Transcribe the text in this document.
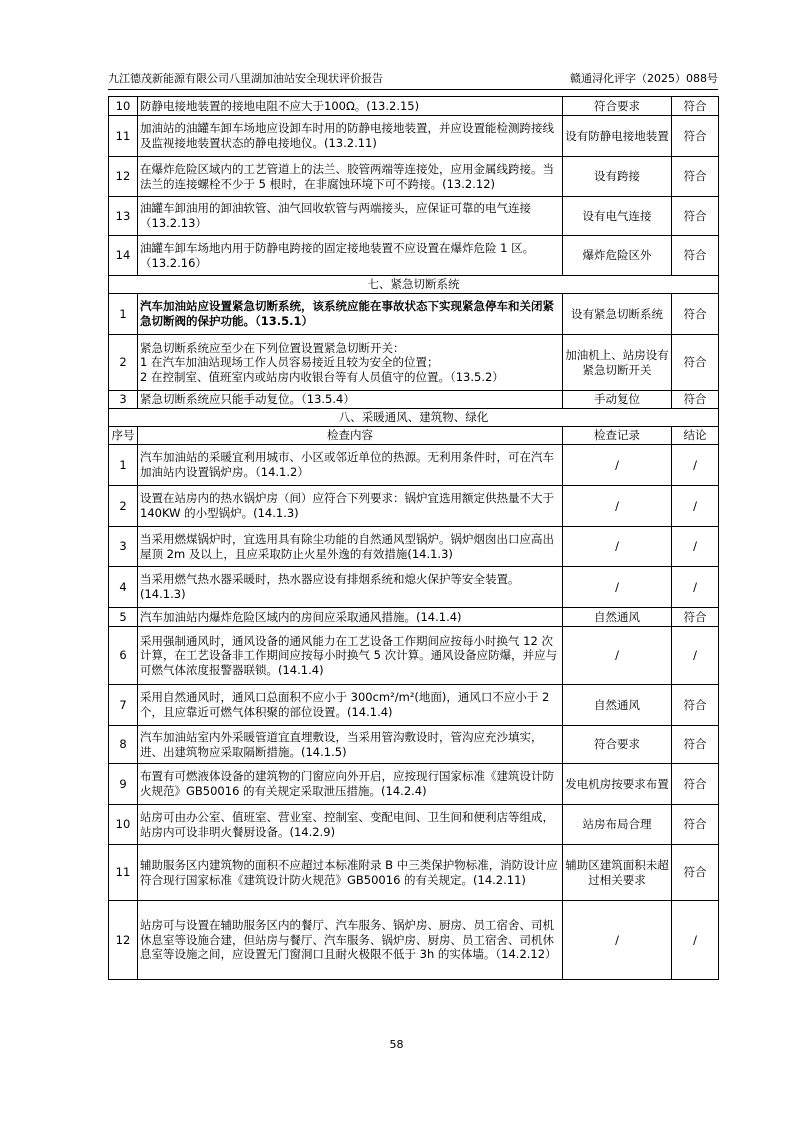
九江德茂新能源有限公司八里湖加油站安全现状评价报告	赣通浔化评字（2025）088号
10	防静电接地装置的接地电阻不应大于100Ω。(13.2.15)	符合要求	符合
11	加油站的油罐车卸车场地应设卸车时用的防静电接地装置，并应设置能检测跨接线及监视接地装置状态的静电接地仪。(13.2.11)	设有防静电接地装置	符合
12	在爆炸危险区域内的工艺管道上的法兰、胶管两端等连接处，应用金属线跨接。当法兰的连接螺栓不少于 5 根时，在非腐蚀环境下可不跨接。(13.2.12)	设有跨接	符合
13	油罐车卸油用的卸油软管、油气回收软管与两端接头，应保证可靠的电气连接（13.2.13）	设有电气连接	符合
14	油罐车卸车场地内用于防静电跨接的固定接地装置不应设置在爆炸危险 1 区。（13.2.16）	爆炸危险区外	符合
七、紧急切断系统			
1	汽车加油站应设置紧急切断系统，该系统应能在事故状态下实现紧急停车和关闭紧急切断阀的保护功能。（13.5.1）	设有紧急切断系统	符合
2	紧急切断系统应至少在下列位置设置紧急切断开关：
1 在汽车加油站现场工作人员容易接近且较为安全的位置；
2 在控制室、值班室内或站房内收银台等有人员值守的位置。（13.5.2）	加油机上、站房设有紧急切断开关	符合
3	紧急切断系统应只能手动复位。（13.5.4）	手动复位	符合
八、采暖通风、建筑物、绿化			
序号	检查内容	检查记录	结论
1	汽车加油站的采暖宜利用城市、小区或邻近单位的热源。无利用条件时，可在汽车加油站内设置锅炉房。（14.1.2）	/	/
2	设置在站房内的热水锅炉房（间）应符合下列要求：锅炉宜选用额定供热量不大于 140KW 的小型锅炉。(14.1.3)	/	/
3	当采用燃煤锅炉时，宜选用具有除尘功能的自然通风型锅炉。锅炉烟囱出口应高出屋顶 2m 及以上，且应采取防止火星外逸的有效措施(14.1.3)	/	/
4	当采用燃气热水器采暖时，热水器应设有排烟系统和熄火保护等安全装置。(14.1.3)	/	/
5	汽车加油站内爆炸危险区域内的房间应采取通风措施。(14.1.4)	自然通风	符合
6	采用强制通风时，通风设备的通风能力在工艺设备工作期间应按每小时换气 12 次计算，在工艺设备非工作期间应按每小时换气 5 次计算。通风设备应防爆，并应与可燃气体浓度报警器联锁。(14.1.4)	/	/
7	采用自然通风时，通风口总面积不应小于 300cm²/m²(地面)，通风口不应小于 2 个，且应靠近可燃气体积聚的部位设置。(14.1.4)	自然通风	符合
8	汽车加油站室内外采暖管道宜直埋敷设，当采用管沟敷设时，管沟应充沙填实，进、出建筑物应采取隔断措施。(14.1.5)	符合要求	符合
9	布置有可燃液体设备的建筑物的门窗应向外开启，应按现行国家标准《建筑设计防火规范》GB50016 的有关规定采取泄压措施。(14.2.4)	发电机房按要求布置	符合
10	站房可由办公室、值班室、营业室、控制室、变配电间、卫生间和便利店等组成，站房内可设非明火餐厨设备。(14.2.9)	站房布局合理	符合
11	辅助服务区内建筑物的面积不应超过本标准附录 B 中三类保护物标准，消防设计应符合现行国家标准《建筑设计防火规范》GB50016 的有关规定。(14.2.11)	辅助区建筑面积未超过相关要求	符合
12	站房可与设置在辅助服务区内的餐厅、汽车服务、锅炉房、厨房、员工宿舍、司机休息室等设施合建，但站房与餐厅、汽车服务、锅炉房、厨房、员工宿舍、司机休息室等设施之间，应设置无门窗洞口且耐火极限不低于 3h 的实体墙。（14.2.12）	/	/
58
